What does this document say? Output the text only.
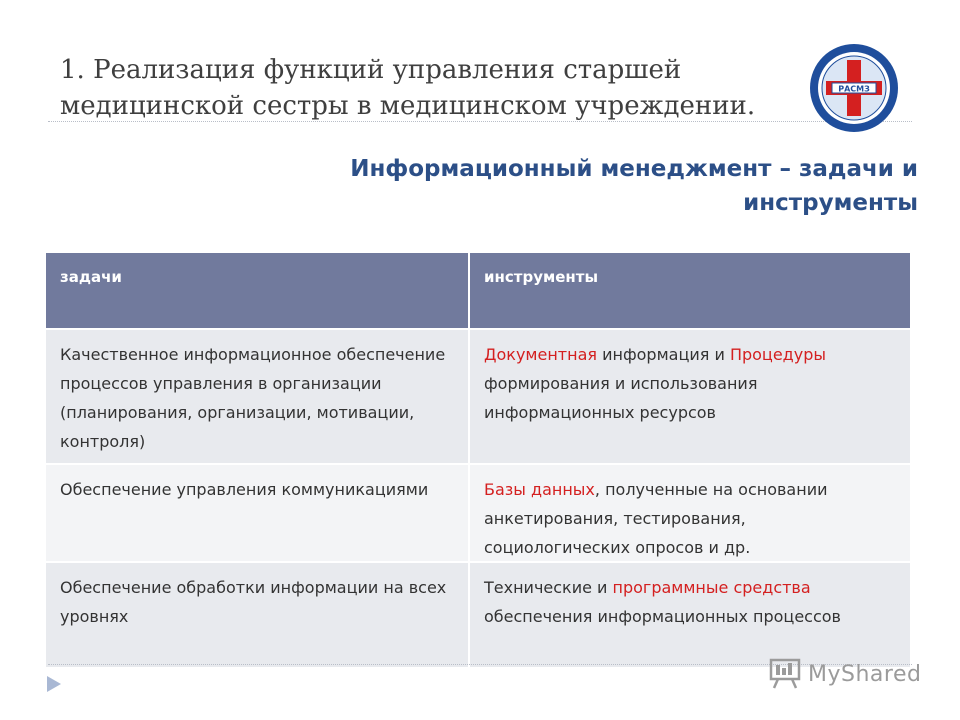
1. Реализация функций управления старшей медицинской сестры в медицинском учреждении.
РАСМЗ
Информационный менеджмент – задачи и
инструменты
задачи	инструменты
Качественное информационное обеспечение процессов управления в организации (планирования, организации, мотивации, контроля)
Документная информация и Процедуры формирования и использования информационных ресурсов
Обеспечение управления коммуникациями	Базы данных, полученные на основании анкетирования, тестирования, социологических опросов и др.
Обеспечение обработки информации на всех уровнях
Технические и программные средства обеспечения информационных процессов
MyShared
